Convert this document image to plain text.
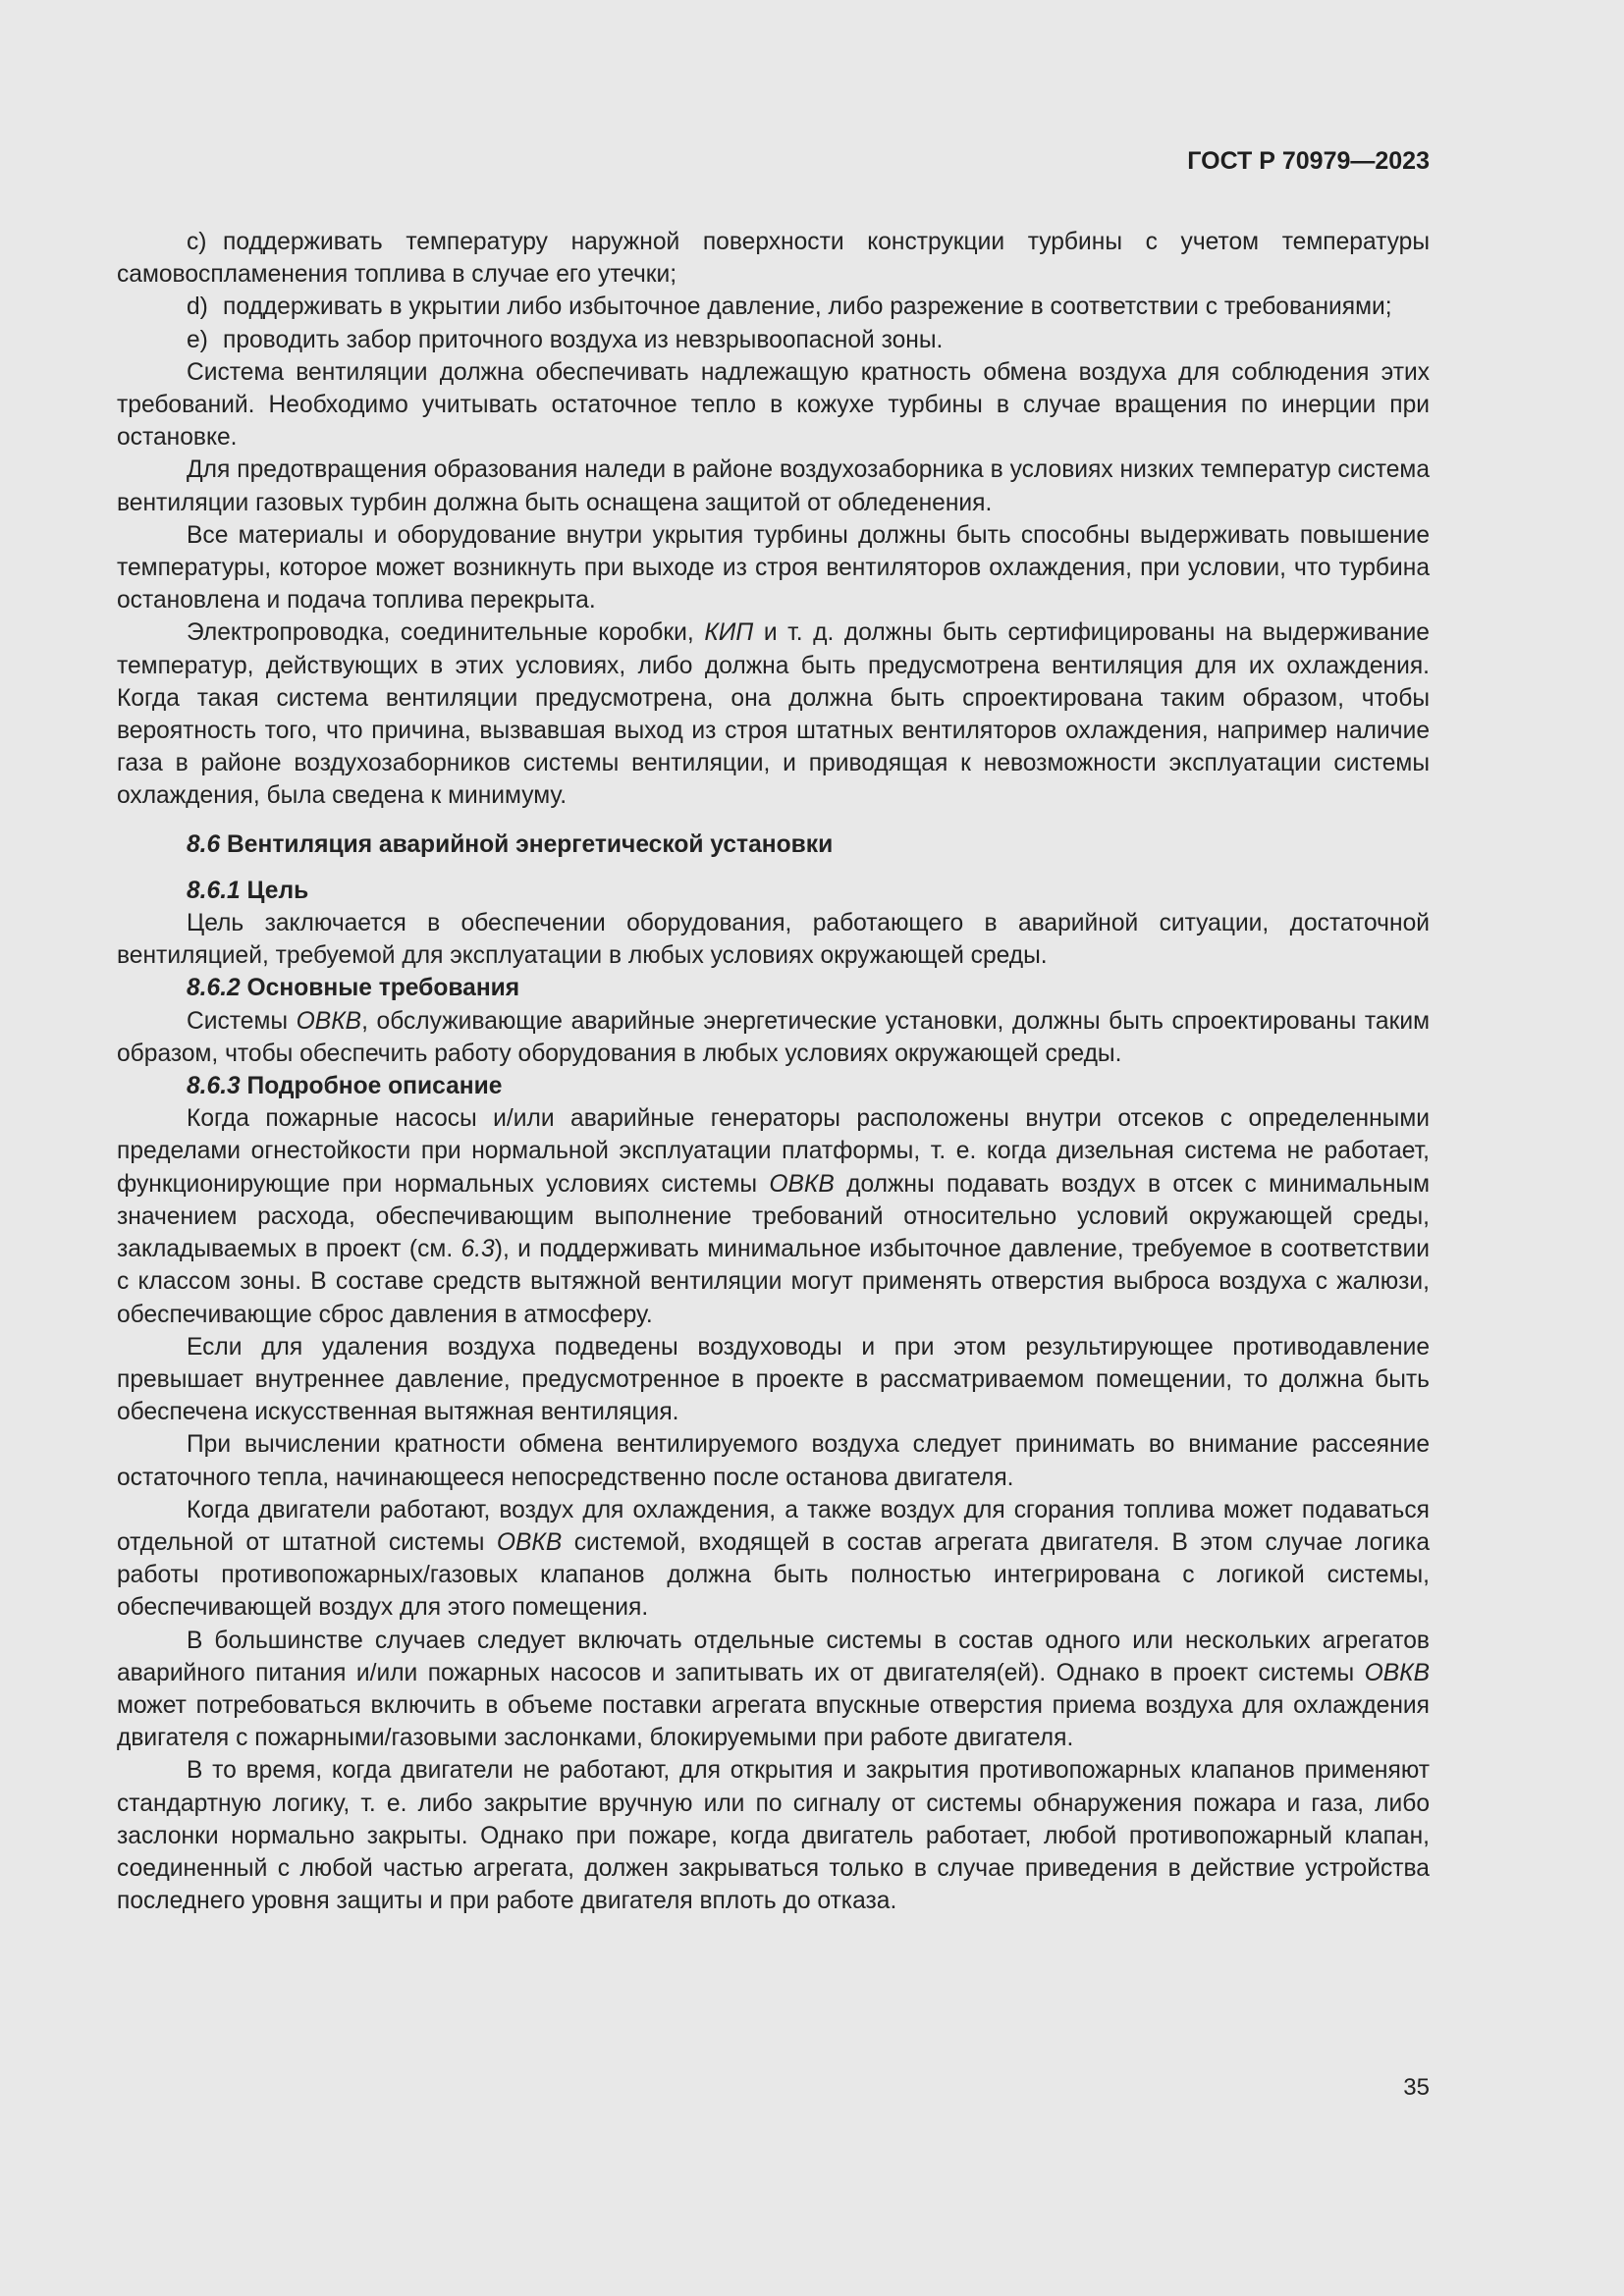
ГОСТ Р 70979—2023

c) поддерживать температуру наружной поверхности конструкции турбины с учетом температуры самовоспламенения топлива в случае его утечки;

d) поддерживать в укрытии либо избыточное давление, либо разрежение в соответствии с требованиями;

e) проводить забор приточного воздуха из невзрывоопасной зоны.

Система вентиляции должна обеспечивать надлежащую кратность обмена воздуха для соблюдения этих требований. Необходимо учитывать остаточное тепло в кожухе турбины в случае вращения по инерции при остановке.

Для предотвращения образования наледи в районе воздухозаборника в условиях низких температур система вентиляции газовых турбин должна быть оснащена защитой от обледенения.

Все материалы и оборудование внутри укрытия турбины должны быть способны выдерживать повышение температуры, которое может возникнуть при выходе из строя вентиляторов охлаждения, при условии, что турбина остановлена и подача топлива перекрыта.

Электропроводка, соединительные коробки, КИП и т. д. должны быть сертифицированы на выдерживание температур, действующих в этих условиях, либо должна быть предусмотрена вентиляция для их охлаждения. Когда такая система вентиляции предусмотрена, она должна быть спроектирована таким образом, чтобы вероятность того, что причина, вызвавшая выход из строя штатных вентиляторов охлаждения, например наличие газа в районе воздухозаборников системы вентиляции, и приводящая к невозможности эксплуатации системы охлаждения, была сведена к минимуму.

8.6 Вентиляция аварийной энергетической установки

8.6.1 Цель

Цель заключается в обеспечении оборудования, работающего в аварийной ситуации, достаточной вентиляцией, требуемой для эксплуатации в любых условиях окружающей среды.

8.6.2 Основные требования

Системы ОВКВ, обслуживающие аварийные энергетические установки, должны быть спроектированы таким образом, чтобы обеспечить работу оборудования в любых условиях окружающей среды.

8.6.3 Подробное описание

Когда пожарные насосы и/или аварийные генераторы расположены внутри отсеков с определенными пределами огнестойкости при нормальной эксплуатации платформы, т. е. когда дизельная система не работает, функционирующие при нормальных условиях системы ОВКВ должны подавать воздух в отсек с минимальным значением расхода, обеспечивающим выполнение требований относительно условий окружающей среды, закладываемых в проект (см. 6.3), и поддерживать минимальное избыточное давление, требуемое в соответствии с классом зоны. В составе средств вытяжной вентиляции могут применять отверстия выброса воздуха с жалюзи, обеспечивающие сброс давления в атмосферу.

Если для удаления воздуха подведены воздуховоды и при этом результирующее противодавление превышает внутреннее давление, предусмотренное в проекте в рассматриваемом помещении, то должна быть обеспечена искусственная вытяжная вентиляция.

При вычислении кратности обмена вентилируемого воздуха следует принимать во внимание рассеяние остаточного тепла, начинающееся непосредственно после останова двигателя.

Когда двигатели работают, воздух для охлаждения, а также воздух для сгорания топлива может подаваться отдельной от штатной системы ОВКВ системой, входящей в состав агрегата двигателя. В этом случае логика работы противопожарных/газовых клапанов должна быть полностью интегрирована с логикой системы, обеспечивающей воздух для этого помещения.

В большинстве случаев следует включать отдельные системы в состав одного или нескольких агрегатов аварийного питания и/или пожарных насосов и запитывать их от двигателя(ей). Однако в проект системы ОВКВ может потребоваться включить в объеме поставки агрегата впускные отверстия приема воздуха для охлаждения двигателя с пожарными/газовыми заслонками, блокируемыми при работе двигателя.

В то время, когда двигатели не работают, для открытия и закрытия противопожарных клапанов применяют стандартную логику, т. е. либо закрытие вручную или по сигналу от системы обнаружения пожара и газа, либо заслонки нормально закрыты. Однако при пожаре, когда двигатель работает, любой противопожарный клапан, соединенный с любой частью агрегата, должен закрываться только в случае приведения в действие устройства последнего уровня защиты и при работе двигателя вплоть до отказа.

35
